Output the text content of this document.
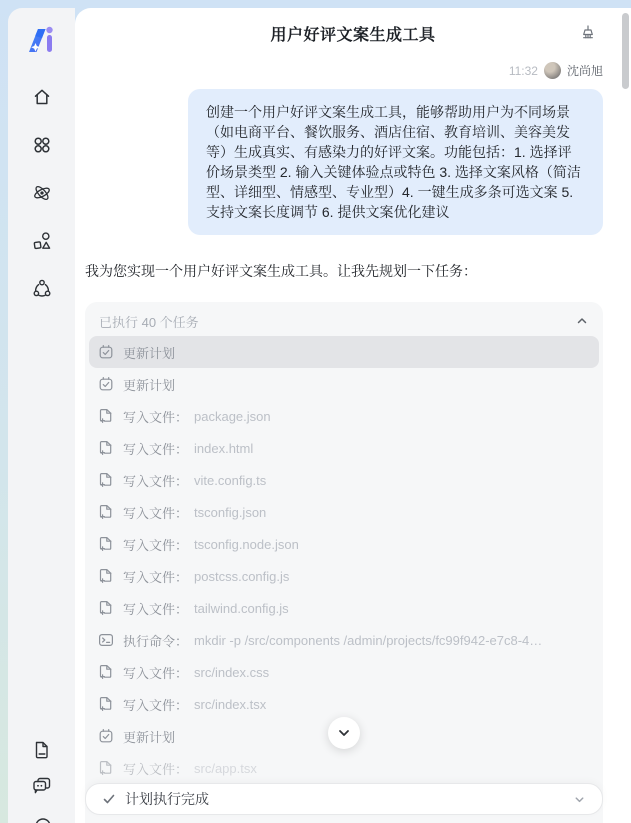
用户好评文案生成工具
11:32 沈尚旭
创建一个用户好评文案生成工具，能够帮助用户为不同场景（如电商平台、餐饮服务、酒店住宿、教育培训、美容美发等）生成真实、有感染力的好评文案。功能包括：1. 选择评价场景类型 2. 输入关键体验点或特色 3. 选择文案风格（简洁型、详细型、情感型、专业型）4. 一键生成多条可选文案 5. 支持文案长度调节 6. 提供文案优化建议
我为您实现一个用户好评文案生成工具。让我先规划一下任务：
已执行 40 个任务
更新计划
更新计划
写入文件： package.json
写入文件： index.html
写入文件： vite.config.ts
写入文件： tsconfig.json
写入文件： tsconfig.node.json
写入文件： postcss.config.js
写入文件： tailwind.config.js
执行命令： mkdir -p /src/components /admin/projects/fc99f942-e7c8-4…
写入文件： src/index.css
写入文件： src/index.tsx
更新计划
写入文件： src/app.tsx
计划执行完成
